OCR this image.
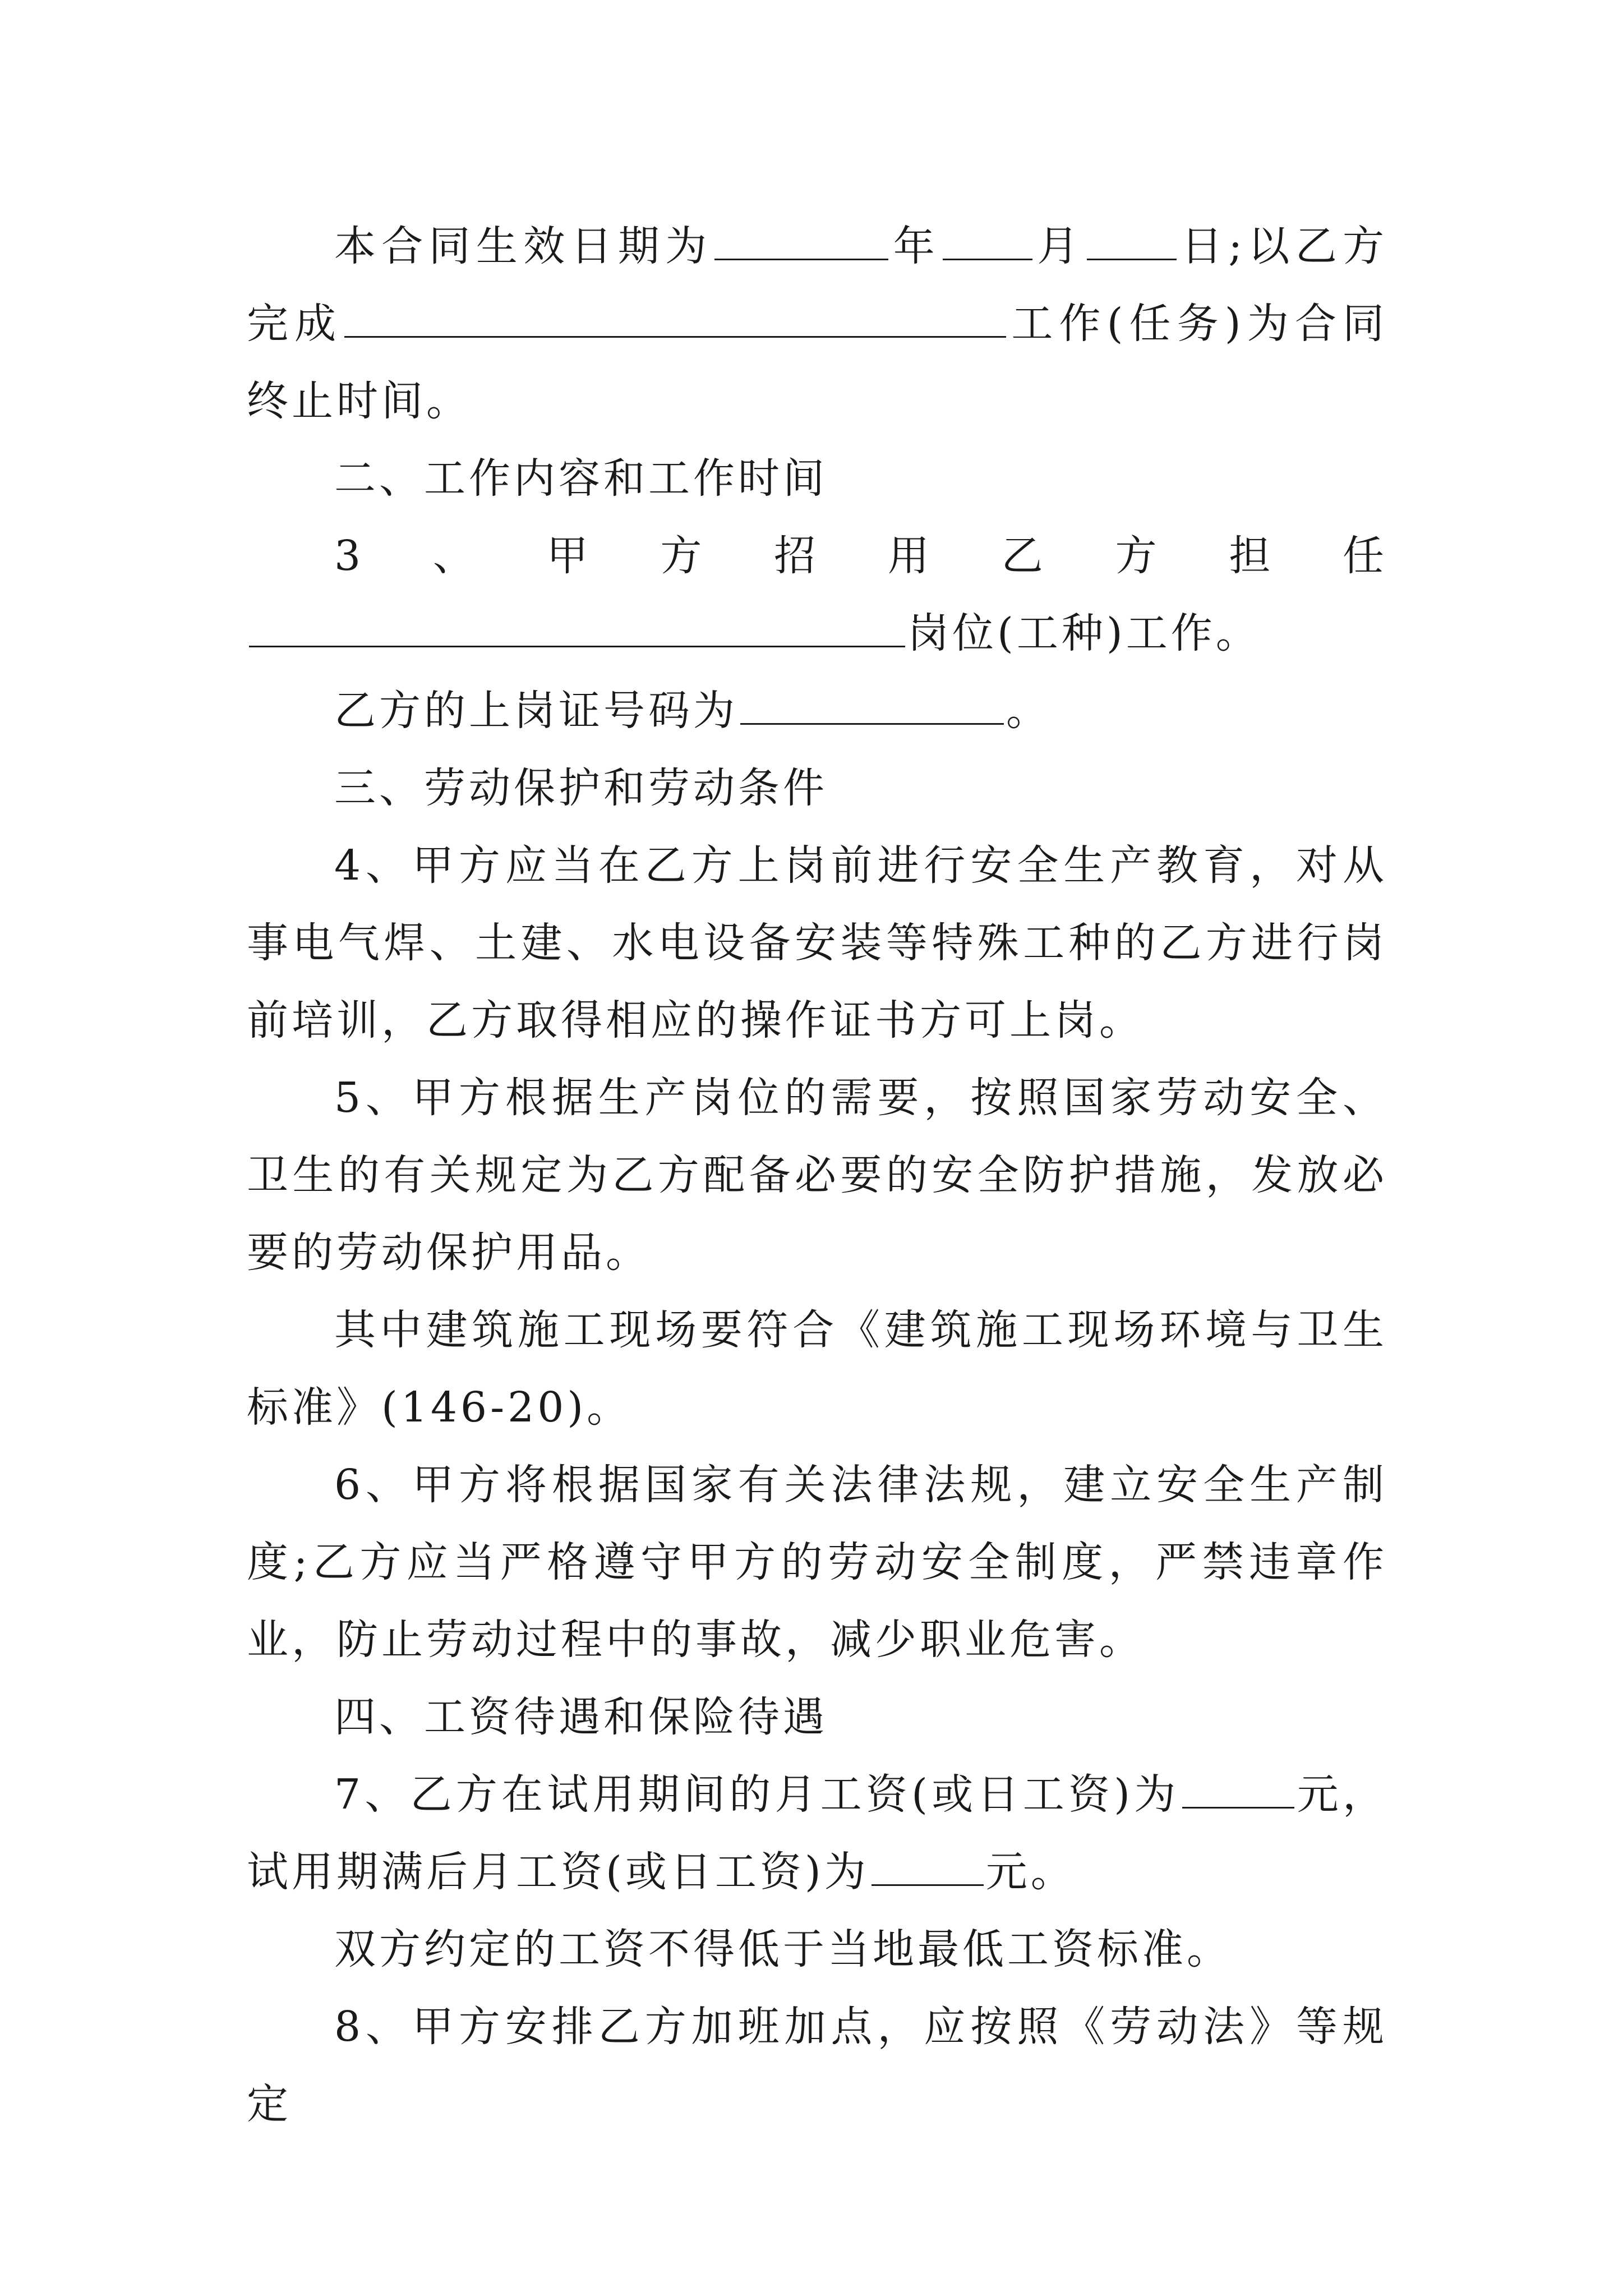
本合同生效日期为	年 月 日;以乙方完成	工作(任务)为合同终止时间。

二、工作内容和工作时间

3、甲方招用乙方担任岗位(工种)工作。

乙方的上岗证号码为	。

三、劳动保护和劳动条件

4、甲方应当在乙方上岗前进行安全生产教育，对从事电气焊、土建、水电设备安装等特殊工种的乙方进行岗前培训，乙方取得相应的操作证书方可上岗。

5、甲方根据生产岗位的需要，按照国家劳动安全、卫生的有关规定为乙方配备必要的安全防护措施，发放必要的劳动保护用品。

其中建筑施工现场要符合《建筑施工现场环境与卫生标准》(146-20)。

6、甲方将根据国家有关法律法规，建立安全生产制度;乙方应当严格遵守甲方的劳动安全制度，严禁违章作业，防止劳动过程中的事故，减少职业危害。

四、工资待遇和保险待遇

7、乙方在试用期间的月工资(或日工资)为	元，试用期满后月工资(或日工资)为	元。

双方约定的工资不得低于当地最低工资标准。

8、甲方安排乙方加班加点，应按照《劳动法》等规定
